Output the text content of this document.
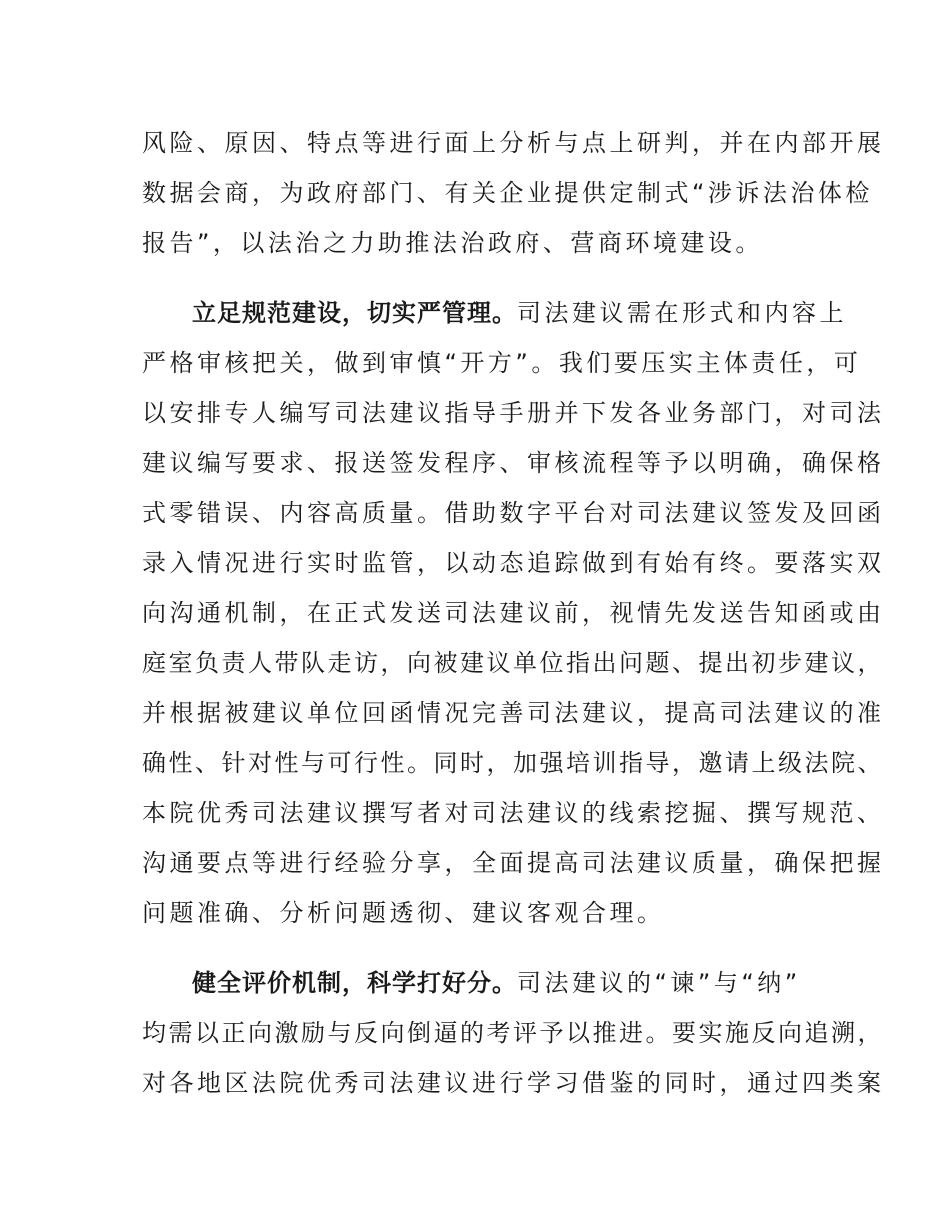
风险、原因、特点等进行面上分析与点上研判，并在内部开展
数据会商，为政府部门、有关企业提供定制式“涉诉法治体检
报告”，以法治之力助推法治政府、营商环境建设。
立足规范建设，切实严管理。司法建议需在形式和内容上
严格审核把关，做到审慎“开方”。我们要压实主体责任，可
以安排专人编写司法建议指导手册并下发各业务部门，对司法
建议编写要求、报送签发程序、审核流程等予以明确，确保格
式零错误、内容高质量。借助数字平台对司法建议签发及回函
录入情况进行实时监管，以动态追踪做到有始有终。要落实双
向沟通机制，在正式发送司法建议前，视情先发送告知函或由
庭室负责人带队走访，向被建议单位指出问题、提出初步建议，
并根据被建议单位回函情况完善司法建议，提高司法建议的准
确性、针对性与可行性。同时，加强培训指导，邀请上级法院、
本院优秀司法建议撰写者对司法建议的线索挖掘、撰写规范、
沟通要点等进行经验分享，全面提高司法建议质量，确保把握
问题准确、分析问题透彻、建议客观合理。
健全评价机制，科学打好分。司法建议的“谏”与“纳”
均需以正向激励与反向倒逼的考评予以推进。要实施反向追溯，
对各地区法院优秀司法建议进行学习借鉴的同时，通过四类案
